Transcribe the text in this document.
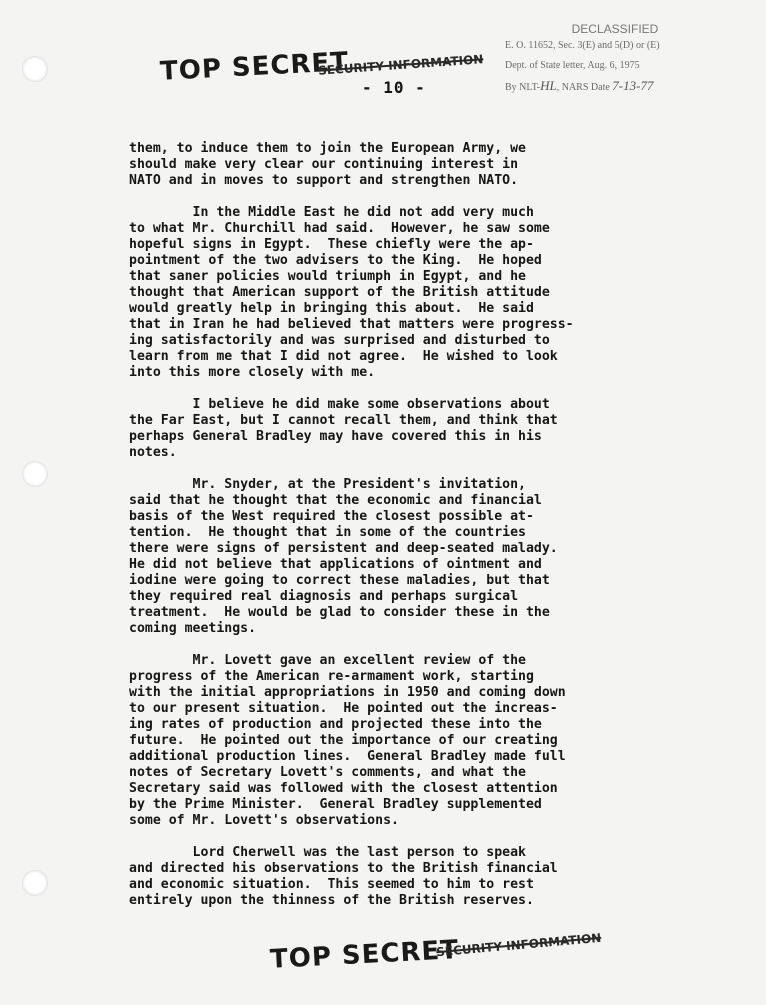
TOP SECRET
SECURITY INFORMATION
- 10 -
DECLASSIFIED
E. O. 11652, Sec. 3(E) and 5(D) or (E)
Dept. of State letter, Aug. 6, 1975
By NLT-HL, NARS Date 7-13-77
them, to induce them to join the European Army, we
should make very clear our continuing interest in
NATO and in moves to support and strengthen NATO.
In the Middle East he did not add very much
to what Mr. Churchill had said.  However, he saw some
hopeful signs in Egypt.  These chiefly were the ap-
pointment of the two advisers to the King.  He hoped
that saner policies would triumph in Egypt, and he
thought that American support of the British attitude
would greatly help in bringing this about.  He said
that in Iran he had believed that matters were progress-
ing satisfactorily and was surprised and disturbed to
learn from me that I did not agree.  He wished to look
into this more closely with me.
I believe he did make some observations about
the Far East, but I cannot recall them, and think that
perhaps General Bradley may have covered this in his
notes.
Mr. Snyder, at the President's invitation,
said that he thought that the economic and financial
basis of the West required the closest possible at-
tention.  He thought that in some of the countries
there were signs of persistent and deep-seated malady.
He did not believe that applications of ointment and
iodine were going to correct these maladies, but that
they required real diagnosis and perhaps surgical
treatment.  He would be glad to consider these in the
coming meetings.
Mr. Lovett gave an excellent review of the
progress of the American re-armament work, starting
with the initial appropriations in 1950 and coming down
to our present situation.  He pointed out the increas-
ing rates of production and projected these into the
future.  He pointed out the importance of our creating
additional production lines.  General Bradley made full
notes of Secretary Lovett's comments, and what the
Secretary said was followed with the closest attention
by the Prime Minister.  General Bradley supplemented
some of Mr. Lovett's observations.
Lord Cherwell was the last person to speak
and directed his observations to the British financial
and economic situation.  This seemed to him to rest
entirely upon the thinness of the British reserves.
TOP SECRET
SECURITY INFORMATION
